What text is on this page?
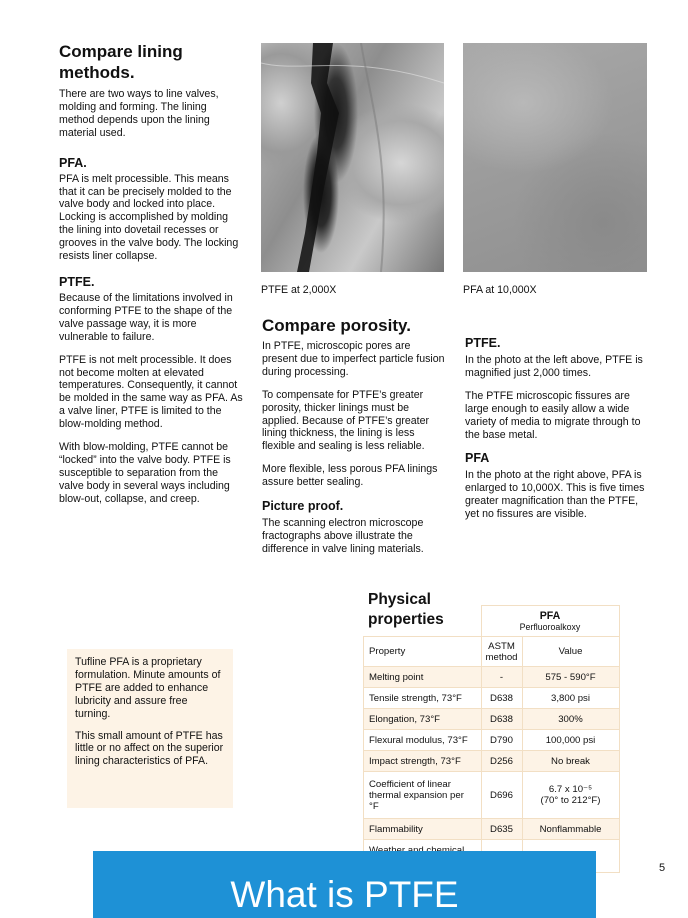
Compare lining methods.

There are two ways to line valves, molding and forming. The lining method depends upon the lining material used.

PFA.

PFA is melt processible. This means that it can be precisely molded to the valve body and locked into place. Locking is accomplished by molding the lining into dovetail recesses or grooves in the valve body. The locking resists liner collapse.

PTFE.

Because of the limitations involved in conforming PTFE to the shape of the valve passage way, it is more vulnerable to failure.

PTFE is not melt processible. It does not become molten at elevated temperatures. Consequently, it cannot be molded in the same way as PFA. As a valve liner, PTFE is limited to the blow-molding method.

With blow-molding, PTFE cannot be “locked” into the valve body. PTFE is susceptible to separation from the valve body in several ways including blow-out, collapse, and creep.

PTFE at 2,000X	PFA at 10,000X
Compare porosity.

In PTFE, microscopic pores are present due to imperfect particle fusion during processing.

To compensate for PTFE’s greater porosity, thicker linings must be applied. Because of PTFE’s greater lining thickness, the lining is less flexible and sealing is less reliable.

More flexible, less porous PFA linings assure better sealing.

Picture proof.

The scanning electron microscope fractographs above illustrate the difference in valve lining materials.

PTFE.

In the photo at the left above, PTFE is magnified just 2,000 times.

The PTFE microscopic fissures are large enough to easily allow a wide variety of media to migrate through to the base metal.

PFA

In the photo at the right above, PFA is enlarged to 10,000X. This is five times greater magnification than the PTFE, yet no fissures are visible.

Tufline PFA is a proprietary formulation. Minute amounts of PTFE are added to enhance lubricity and assure free turning.

This small amount of PTFE has little or no affect on the superior lining characteristics of PFA.

Physical properties

	PFA
Perfluoroalkoxy	

Property	ASTM method	Value
Melting point	-	575 - 590°F
Tensile strength, 73°F	D638	3,800 psi
Elongation, 73°F	D638	300%
Flexural modulus, 73°F	D790	100,000 psi
Impact strength, 73°F	D256	No break
Coefficient of linear thermal expansion per °F	D696	6.7 x 10⁻⁵
(70° to 212°F)

Flammability	D635	Nonflammable

What is PTFE
5
